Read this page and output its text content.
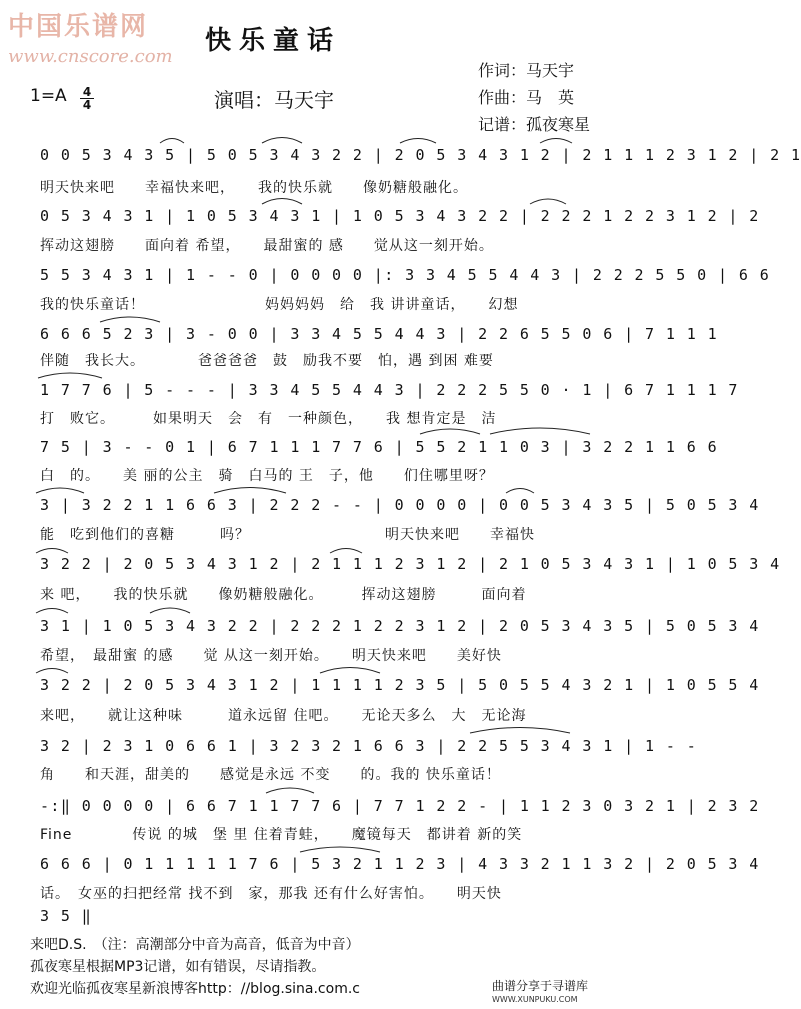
中国乐谱网
www.cnscore.com
快乐童话
1=A 4
4	演唱：马天宇
作词：马天宇
作曲：马　英
记谱：孤夜寒星
0 0 5 3 4 3 5 | 5 0 5 3 4 3 2 2 | 2 0 5 3 4 3 1 2 | 2 1 1 1 2 3 1 2 | 2 1
明天快来吧　　幸福快来吧，　　我的快乐就　　像奶糖般融化。
0 5 3 4 3 1 | 1 0 5 3 4 3 1 | 1 0 5 3 4 3 2 2 | 2 2 2 1 2 2 3 1 2 | 2
挥动这翅膀　　面向着 希望，　　最甜蜜的 感　　觉从这一刻开始。
5 5 3 4 3 1 | 1 - - 0 | 0 0 0 0 |: 3 3 4 5 5 4 4 3 | 2 2 2 5 5 0 | 6 6
我的快乐童话！　　　　　　　　妈妈妈妈　给　我 讲讲童话，　　幻想
6 6 6 5 2 3 | 3 - 0 0 | 3 3 4 5 5 4 4 3 | 2 2 6 5 5 0 6 | 7 1 1 1
伴随　我长大。　　　　爸爸爸爸　鼓　励我不要　怕，遇 到困 难要
1 7 7 6 | 5 - - - | 3 3 4 5 5 4 4 3 | 2 2 2 5 5 0 · 1 | 6 7 1 1 1 7
打　败它。　　　如果明天　会　有　一种颜色，　　我 想肯定是　洁
7 5 | 3 - - 0 1 | 6 7 1 1 1 7 7 6 | 5 5 2 1 1 0 3 | 3 2 2 1 1 6 6
白　的。　　美 丽的公主　骑　白马的 王　子，他　　们住哪里呀？
3 | 3 2 2 1 1 6 6 3 | 2 2 2 - - | 0 0 0 0 | 0 0 5 3 4 3 5 | 5 0 5 3 4
能　吃到他们的喜糖　　　吗？　　　　　　　　　明天快来吧　　幸福快
3 2 2 | 2 0 5 3 4 3 1 2 | 2 1 1 1 2 3 1 2 | 2 1 0 5 3 4 3 1 | 1 0 5 3 4
来 吧，　　我的快乐就　　像奶糖般融化。　　　挥动这翅膀　　　面向着
3 1 | 1 0 5 3 4 3 2 2 | 2 2 2 1 2 2 3 1 2 | 2 0 5 3 4 3 5 | 5 0 5 3 4
希望，　最甜蜜 的感　　觉 从这一刻开始。　　明天快来吧　　美好快
3 2 2 | 2 0 5 3 4 3 1 2 | 1 1 1 1 2 3 5 | 5 0 5 5 4 3 2 1 | 1 0 5 5 4
来吧，　　就让这种味　　　道永远留 住吧。　　无论天多么　大　无论海
3 2 | 2 3 1 0 6 6 1 | 3 2 3 2 1 6 6 3 | 2 2 5 5 3 4 3 1 | 1 - -
角　　和天涯，甜美的　　感觉是永远 不变　　的。我的 快乐童话！
-:‖ 0 0 0 0 | 6 6 7 1 1 7 7 6 | 7 7 1 2 2 - | 1 1 2 3 0 3 2 1 | 2 3 2
Fine　　　　传说 的城　堡 里 住着青蛙，　　魔镜每天　都讲着 新的笑
6 6 6 | 0 1 1 1 1 1 7 6 | 5 3 2 1 1 2 3 | 4 3 3 2 1 1 3 2 | 2 0 5 3 4
话。　女巫的扫把经常 找不到　家，那我 还有什么好害怕。　　明天快
3 5 ‖
来吧D.S.　（注：高潮部分中音为高音，低音为中音）
孤夜寒星根据MP3记谱，如有错误，尽请指教。
欢迎光临孤夜寒星新浪博客http：//blog.sina.com.c	曲谱分享于寻谱库
WWW.XUNPUKU.COM
